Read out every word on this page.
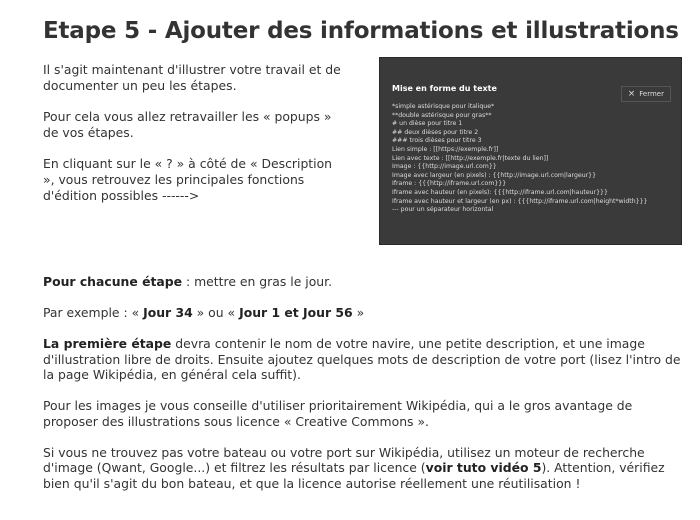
Etape 5 - Ajouter des informations et illustrations

Il s'agit maintenant d'illustrer votre travail et de documenter un peu les étapes.

Pour cela vous allez retravailler les « popups » de vos étapes.

En cliquant sur le « ? » à côté de « Description », vous retrouvez les principales fonctions d'édition possibles ------>

Mise en forme du texte
× Fermer
*simple astérisque pour italique*
**double astérisque pour gras**
# un dièse pour titre 1
## deux dièses pour titre 2
### trois dièses pour titre 3
Lien simple : [[https://exemple.fr]]
Lien avec texte : [[http://exemple.fr|texte du lien]]
Image : {{http://image.url.com}}
Image avec largeur (en pixels) : {{http://image.url.com|largeur}}
Iframe : {{{http://iframe.url.com}}}
Iframe avec hauteur (en pixels): {{{http://iframe.url.com|hauteur}}}
Iframe avec hauteur et largeur (en px) : {{{http://iframe.url.com|height*width}}}
--- pour un séparateur horizontal

Pour chacune étape : mettre en gras le jour.

Par exemple : « Jour 34 » ou « Jour 1 et Jour 56 »

La première étape devra contenir le nom de votre navire, une petite description, et une image d'illustration libre de droits. Ensuite ajoutez quelques mots de description de votre port (lisez l'intro de la page Wikipédia, en général cela suffit).

Pour les images je vous conseille d'utiliser prioritairement Wikipédia, qui a le gros avantage de proposer des illustrations sous licence « Creative Commons ».

Si vous ne trouvez pas votre bateau ou votre port sur Wikipédia, utilisez un moteur de recherche d'image (Qwant, Google...) et filtrez les résultats par licence (voir tuto vidéo 5). Attention, vérifiez bien qu'il s'agit du bon bateau, et que la licence autorise réellement une réutilisation !
